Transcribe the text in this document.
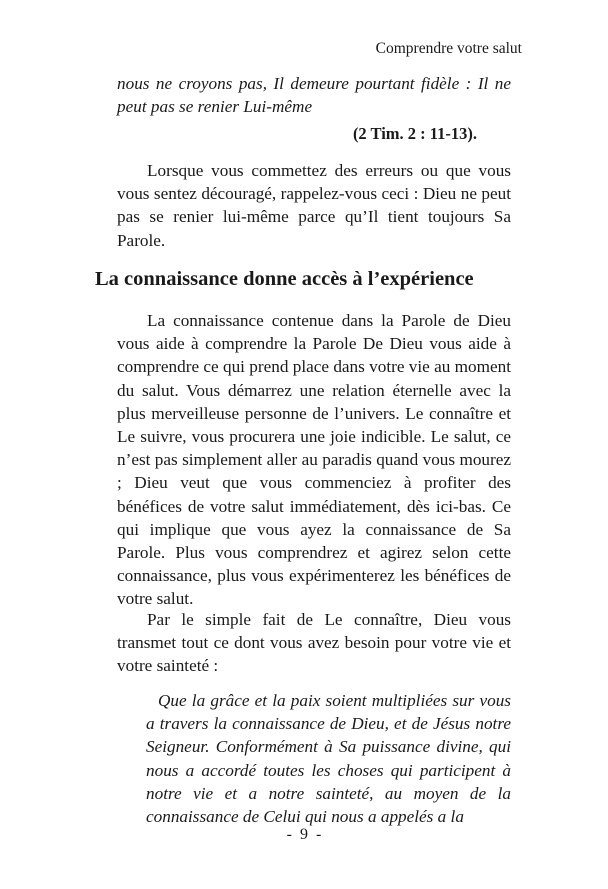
Comprendre votre salut
nous ne croyons pas, Il demeure pourtant fidèle : Il ne peut pas se renier Lui-même
(2 Tim. 2 : 11-13).
Lorsque vous commettez des erreurs ou que vous vous sentez découragé, rappelez-vous ceci : Dieu ne peut pas se renier lui-même parce qu’Il tient toujours Sa Parole.
La connaissance donne accès à l’expérience
La connaissance contenue dans la Parole de Dieu vous aide à comprendre la Parole De Dieu vous aide à comprendre ce qui prend place dans votre vie au moment du salut. Vous démarrez une relation éternelle avec la plus merveilleuse personne de l’univers. Le connaître et Le suivre, vous procurera une joie indicible. Le salut, ce n’est pas simplement aller au paradis quand vous mourez ; Dieu veut que vous commenciez à profiter des bénéfices de votre salut immédiatement, dès ici-bas. Ce qui implique que vous ayez la connaissance de Sa Parole. Plus vous comprendrez et agirez selon cette connaissance, plus vous expérimenterez les bénéfices de votre salut.
Par le simple fait de Le connaître, Dieu vous transmet tout ce dont vous avez besoin pour votre vie et votre sainteté :
Que la grâce et la paix soient multipliées sur vous a travers la connaissance de Dieu, et de Jésus notre Seigneur. Conformément à Sa puissance divine, qui nous a accordé toutes les choses qui participent à notre vie et a notre sainteté, au moyen de la connaissance de Celui qui nous a appelés a la
- 9 -
